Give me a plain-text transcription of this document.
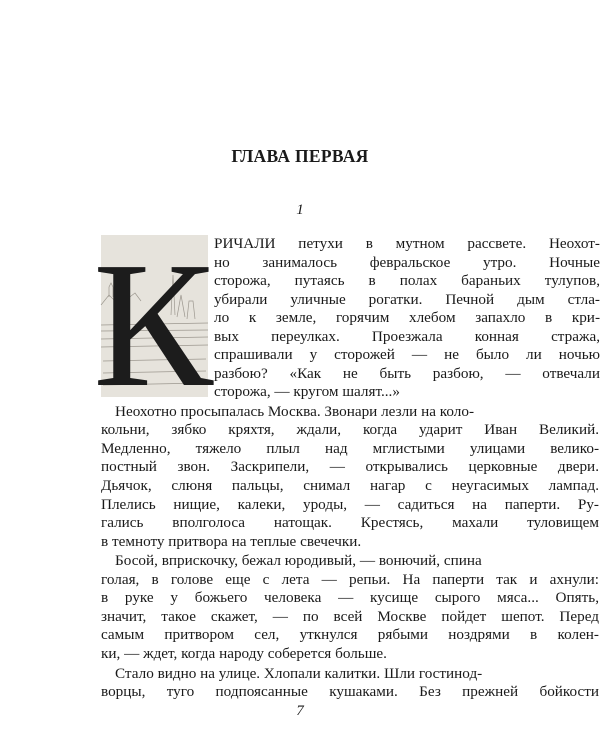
ГЛАВА ПЕРВАЯ
1
К РИЧАЛИ петухи в мутном рассвете. Неохот-
но занималось февральское утро. Ночные
сторожа, путаясь в полах бараньих тулупов,
убирали уличные рогатки. Печной дым стла-
ло к земле, горячим хлебом запахло в кри-
вых переулках. Проезжала конная стража,
спрашивали у сторожей — не было ли ночью
разбою? «Как не быть разбою, — отвечали
сторожа, — кругом шалят...»
Неохотно просыпалась Москва. Звонари лезли на коло-
кольни, зябко кряхтя, ждали, когда ударит Иван Великий.
Медленно, тяжело плыл над мглистыми улицами велико-
постный звон. Заскрипели, — открывались церковные двери.
Дьячок, слюня пальцы, снимал нагар с неугасимых лампад.
Плелись нищие, калеки, уроды, — садиться на паперти. Ру-
гались вполголоса натощак. Крестясь, махали туловищем
в темноту притвора на теплые свечечки.
Босой, вприскочку, бежал юродивый, — вонючий, спина
голая, в голове еще с лета — репьи. На паперти так и ахнули:
в руке у божьего человека — кусище сырого мяса... Опять,
значит, такое скажет, — по всей Москве пойдет шепот. Перед
самым притвором сел, уткнулся рябыми ноздрями в колен-
ки, — ждет, когда народу соберется больше.
Стало видно на улице. Хлопали калитки. Шли гостинод-
ворцы, туго подпоясанные кушаками. Без прежней бойкости
7
